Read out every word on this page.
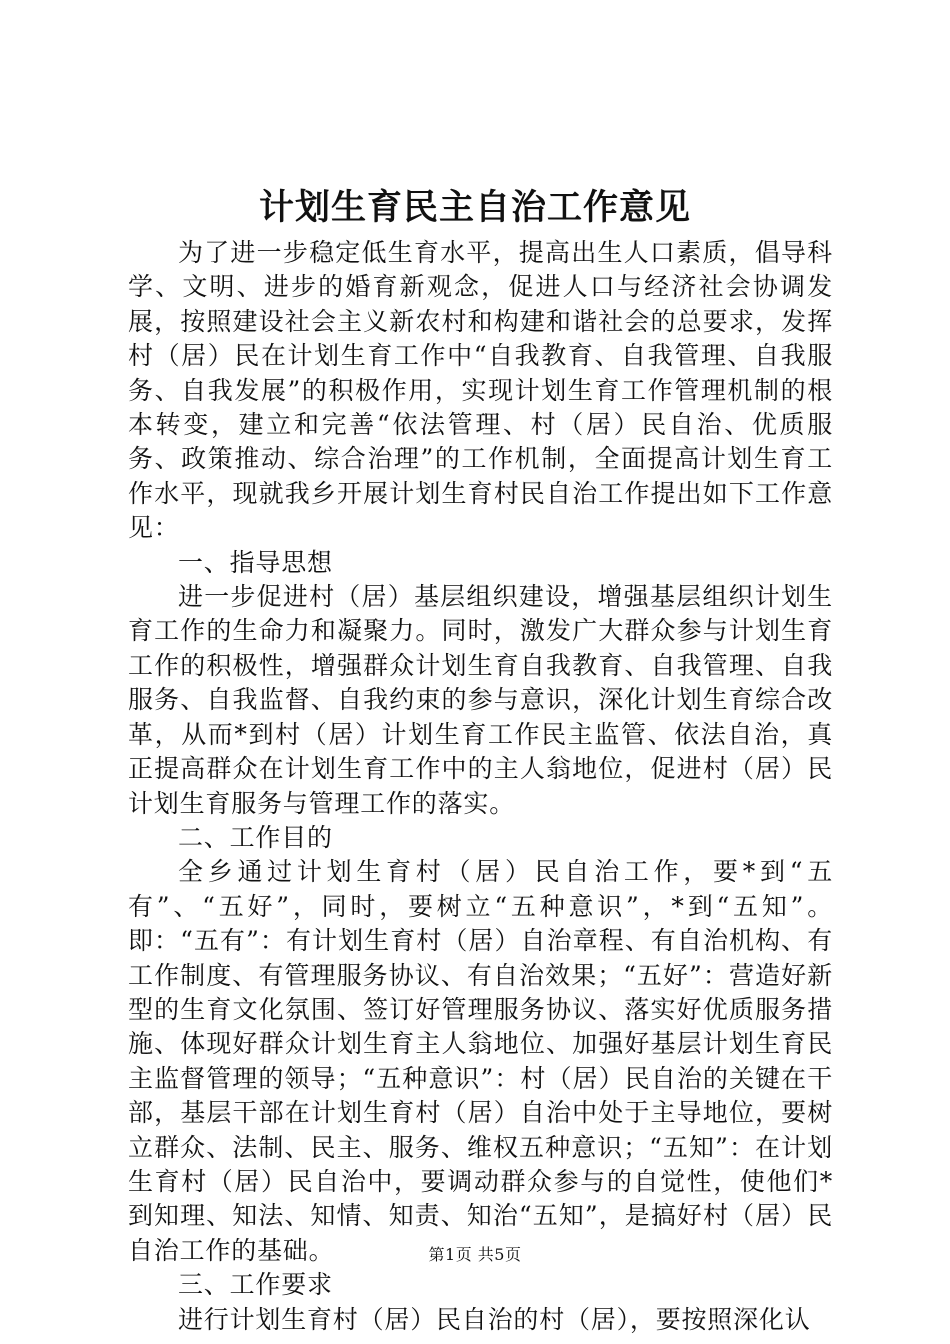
计划生育民主自治工作意见

为了进一步稳定低生育水平，提高出生人口素质，倡导科学、文明、进步的婚育新观念，促进人口与经济社会协调发展，按照建设社会主义新农村和构建和谐社会的总要求，发挥村（居）民在计划生育工作中“自我教育、自我管理、自我服务、自我发展”的积极作用，实现计划生育工作管理机制的根本转变，建立和完善“依法管理、村（居）民自治、优质服务、政策推动、综合治理”的工作机制，全面提高计划生育工作水平，现就我乡开展计划生育村民自治工作提出如下工作意见：

一、指导思想

进一步促进村（居）基层组织建设，增强基层组织计划生育工作的生命力和凝聚力。同时，激发广大群众参与计划生育工作的积极性，增强群众计划生育自我教育、自我管理、自我服务、自我监督、自我约束的参与意识，深化计划生育综合改革，从而*到村（居）计划生育工作民主监管、依法自治，真正提高群众在计划生育工作中的主人翁地位，促进村（居）民计划生育服务与管理工作的落实。

二、工作目的

全乡通过计划生育村（居）民自治工作，要*到“五有”、“五好”，同时，要树立“五种意识”，*到“五知”。即：“五有”：有计划生育村（居）自治章程、有自治机构、有工作制度、有管理服务协议、有自治效果；“五好”：营造好新型的生育文化氛围、签订好管理服务协议、落实好优质服务措施、体现好群众计划生育主人翁地位、加强好基层计划生育民主监督管理的领导；“五种意识”：村（居）民自治的关键在干部，基层干部在计划生育村（居）自治中处于主导地位，要树立群众、法制、民主、服务、维权五种意识；“五知”：在计划生育村（居）民自治中，要调动群众参与的自觉性，使他们*到知理、知法、知情、知责、知治“五知”，是搞好村（居）民自治工作的基础。

三、工作要求

进行计划生育村（居）民自治的村（居），要按照深化认

第1页 共5页
